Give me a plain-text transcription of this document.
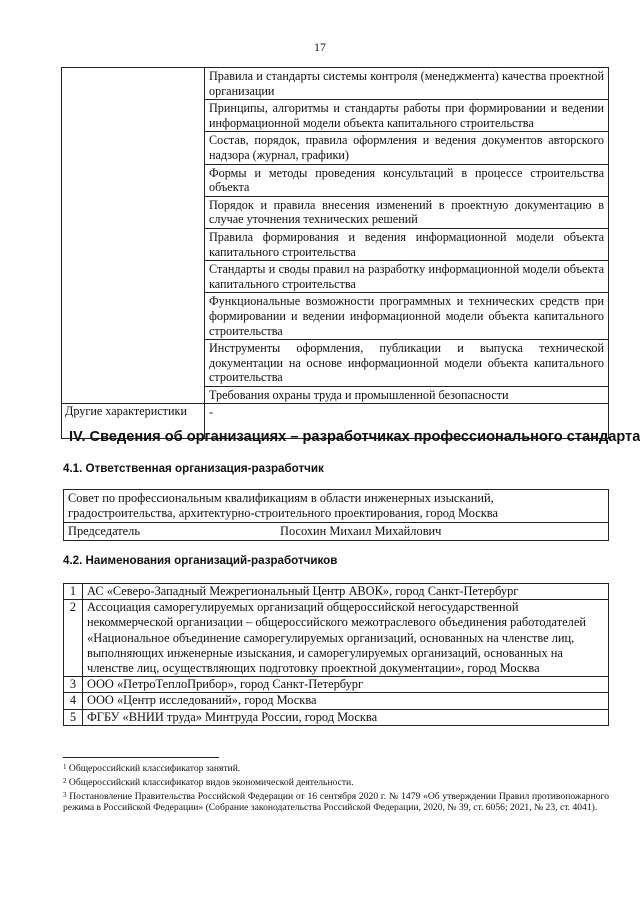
17
	Правила и стандарты системы контроля (менеджмента) качества проектной организации
	Принципы, алгоритмы и стандарты работы при формировании и ведении информационной модели объекта капитального строительства
	Состав, порядок, правила оформления и ведения документов авторского надзора (журнал, графики)
	Формы и методы проведения консультаций в процессе строительства объекта
	Порядок и правила внесения изменений в проектную документацию в случае уточнения технических решений
	Правила формирования и ведения информационной модели объекта капитального строительства
	Стандарты и своды правил на разработку информационной модели объекта капитального строительства
	Функциональные возможности программных и технических средств при формировании и ведении информационной модели объекта капитального строительства
	Инструменты оформления, публикации и выпуска технической документации на основе информационной модели объекта капитального строительства
	Требования охраны труда и промышленной безопасности
Другие характеристики	-
IV. Сведения об организациях – разработчиках профессионального стандарта
4.1. Ответственная организация-разработчик
Совет по профессиональным квалификациям в области инженерных изысканий, градостроительства, архитектурно-строительного проектирования, город Москва
Председатель	Посохин Михаил Михайлович
4.2. Наименования организаций-разработчиков
1	АС «Северо-Западный Межрегиональный Центр АВОК», город Санкт-Петербург
2	Ассоциация саморегулируемых организаций общероссийской негосударственной некоммерческой организации – общероссийского межотраслевого объединения работодателей «Национальное объединение саморегулируемых организаций, основанных на членстве лиц, выполняющих инженерные изыскания, и саморегулируемых организаций, основанных на членстве лиц, осуществляющих подготовку проектной документации», город Москва
3	ООО «ПетроТеплоПрибор», город Санкт-Петербург
4	ООО «Центр исследований», город Москва
5	ФГБУ «ВНИИ труда» Минтруда России, город Москва

$^1$ Общероссийский классификатор занятий.

$^2$ Общероссийский классификатор видов экономической деятельности.

$^3$ Постановление Правительства Российской Федерации от 16 сентября 2020 г. № 1479 «Об утверждении Правил противопожарного режима в Российской Федерации» (Собрание законодательства Российской Федерации, 2020, № 39, ст. 6056; 2021, № 23, ст. 4041).
